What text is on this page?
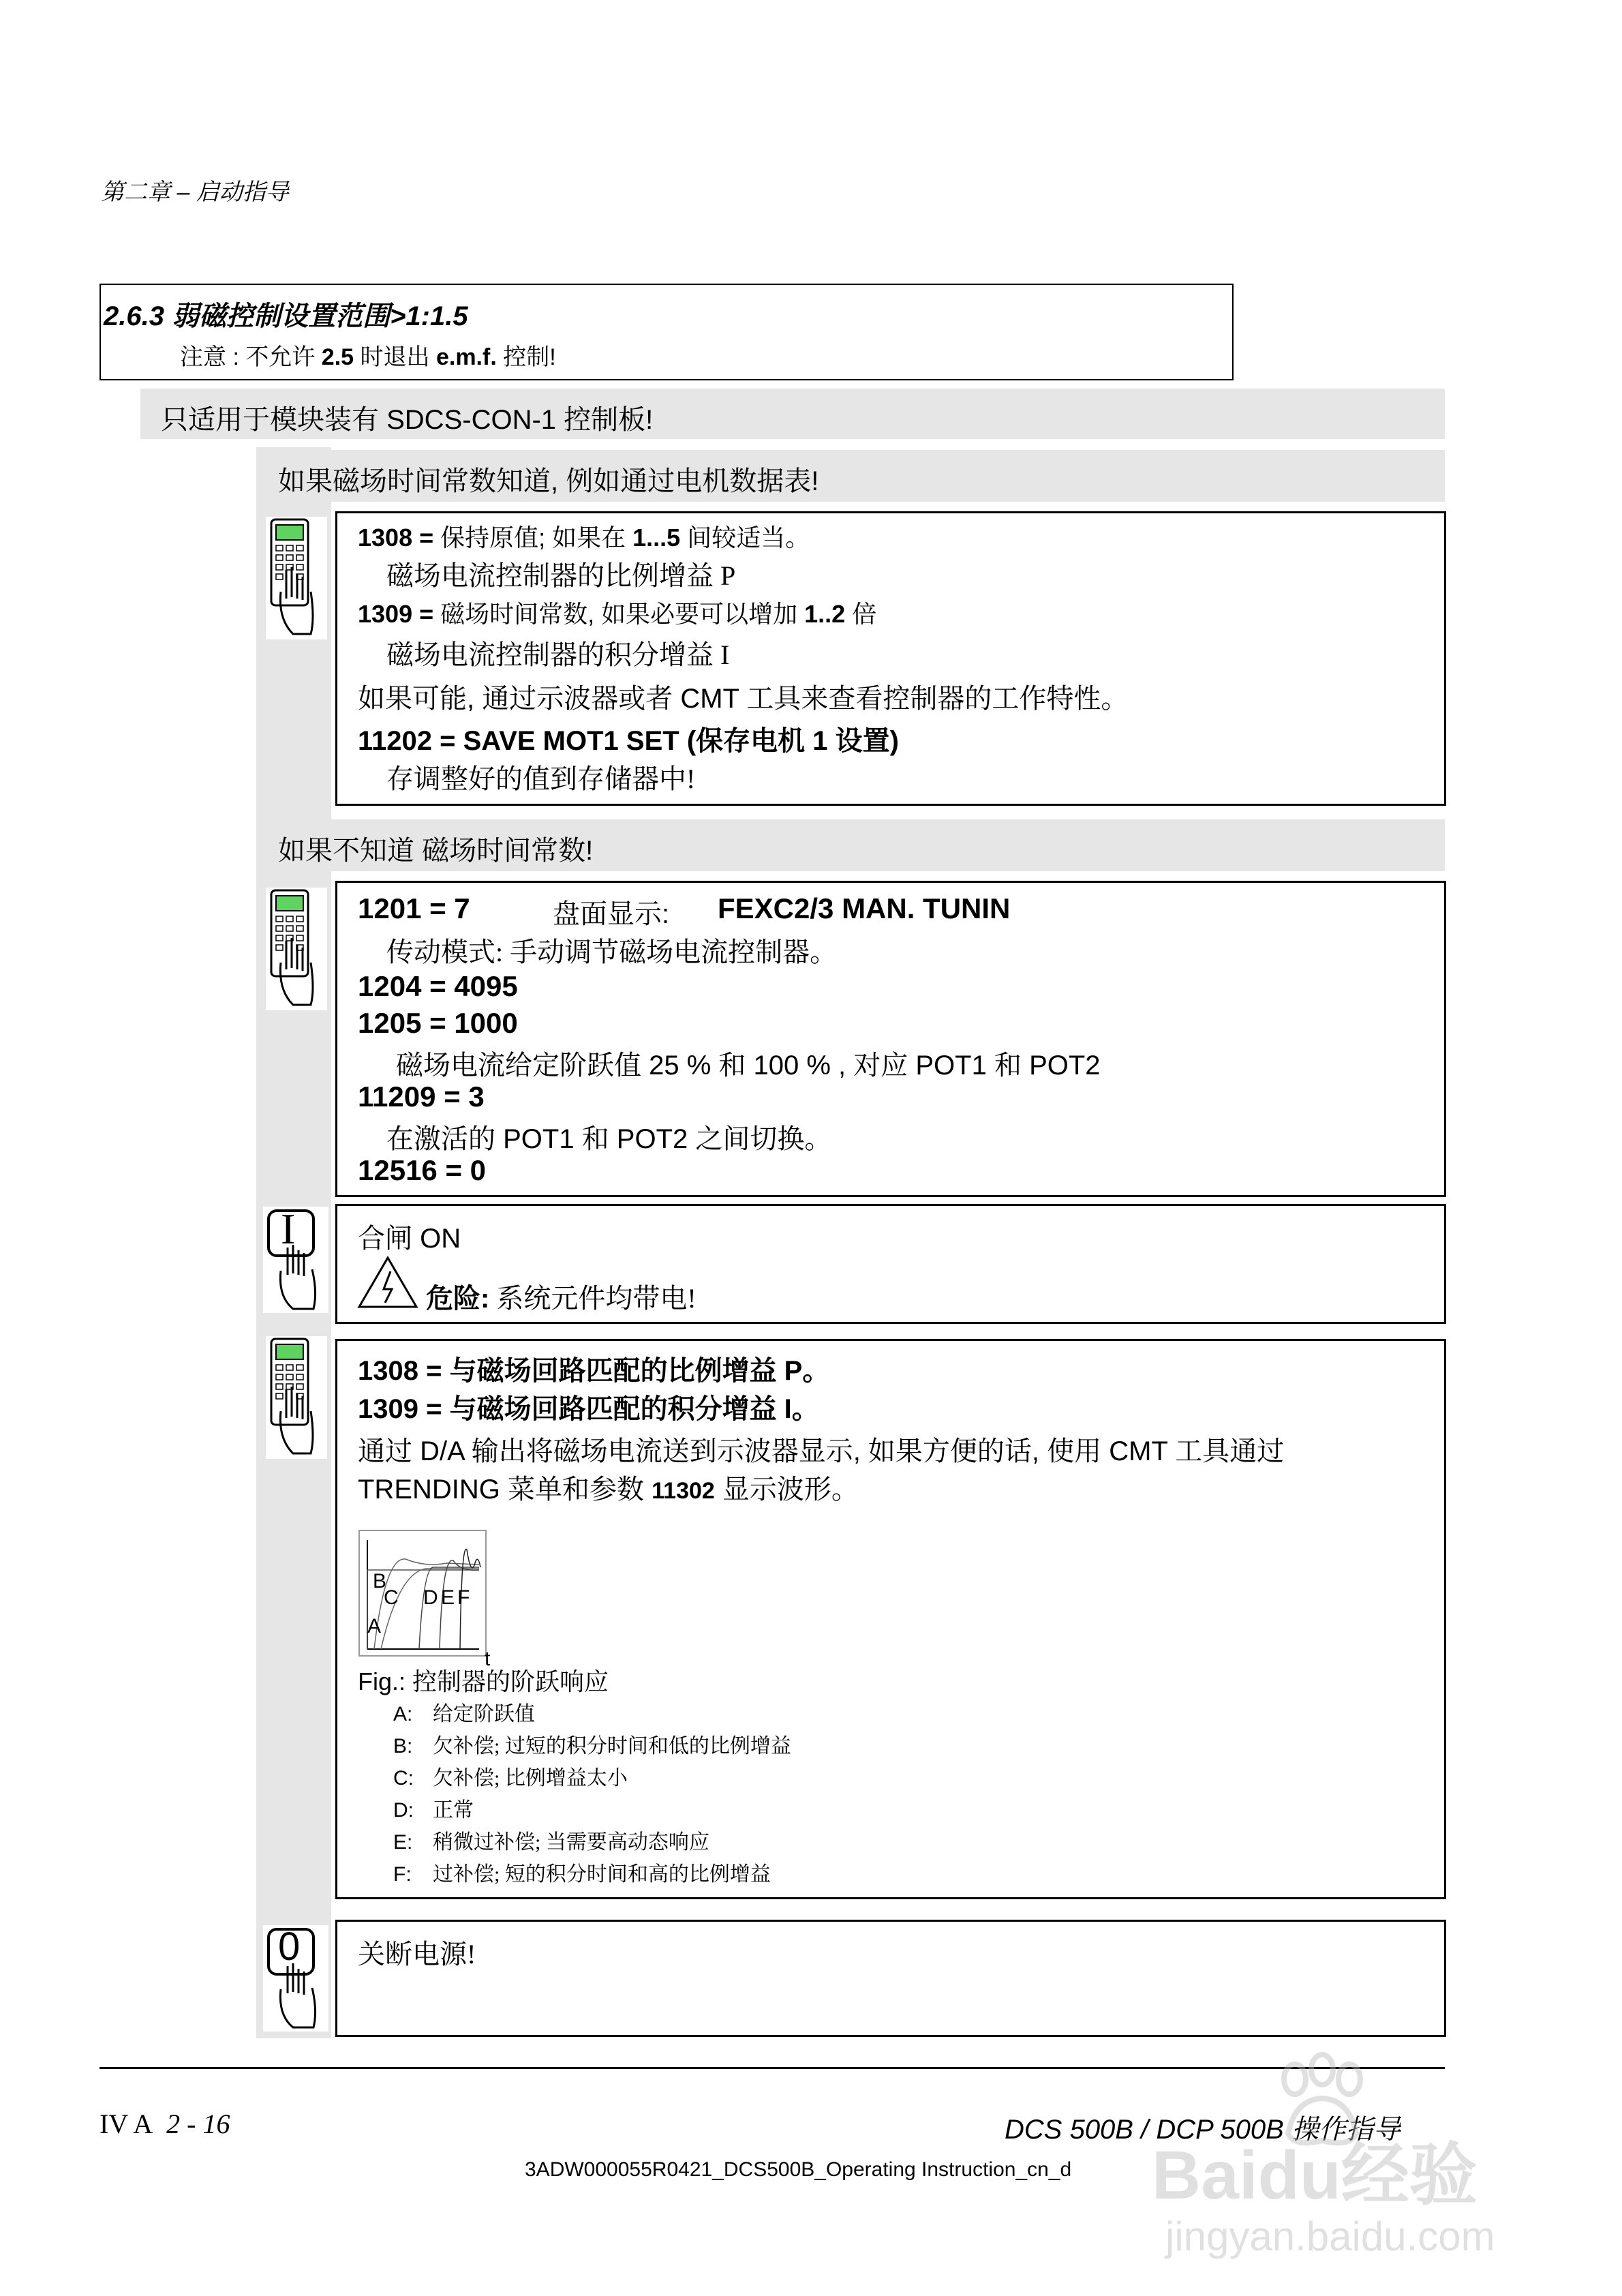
第二章 – 启动指导
2.6.3 弱磁控制设置范围>1:1.5
注意 : 不允许 2.5 时退出 e.m.f. 控制!
只适用于模块装有 SDCS-CON-1 控制板!
如果磁场时间常数知道, 例如通过电机数据表!
1308 = 保持原值; 如果在 1...5 间较适当。
磁场电流控制器的比例增益 P
1309 = 磁场时间常数, 如果必要可以增加 1..2 倍
磁场电流控制器的积分增益 I
如果可能, 通过示波器或者 CMT 工具来查看控制器的工作特性。
11202 = SAVE MOT1 SET (保存电机 1 设置)
存调整好的值到存储器中!
如果不知道 磁场时间常数!
1201 = 7	盘面显示: FEXC2/3 MAN. TUNIN
传动模式: 手动调节磁场电流控制器。
1204 = 4095
1205 = 1000
磁场电流给定阶跃值 25 % 和 100 % , 对应 POT1 和 POT2
11209 = 3
在激活的 POT1 和 POT2 之间切换。
12516 = 0
I 合闸 ON
危险: 系统元件均带电!
1308 = 与磁场回路匹配的比例增益 P。
1309 = 与磁场回路匹配的积分增益 I。
通过 D/A 输出将磁场电流送到示波器显示, 如果方便的话, 使用 CMT 工具通过
TRENDING 菜单和参数 11302 显示波形。
A
B
C D E F
t
Fig.: 控制器的阶跃响应
A: 给定阶跃值
B: 欠补偿; 过短的积分时间和低的比例增益
C: 欠补偿; 比例增益太小
D: 正常
E: 稍微过补偿; 当需要高动态响应
F: 过补偿; 短的积分时间和高的比例增益
0 关断电源!
IV A 2 - 16	DCS 500B / DCP 500B 操作指导
3ADW000055R0421_DCS500B_Operating Instruction_cn_d Baidu经验
jingyan.baidu.com
